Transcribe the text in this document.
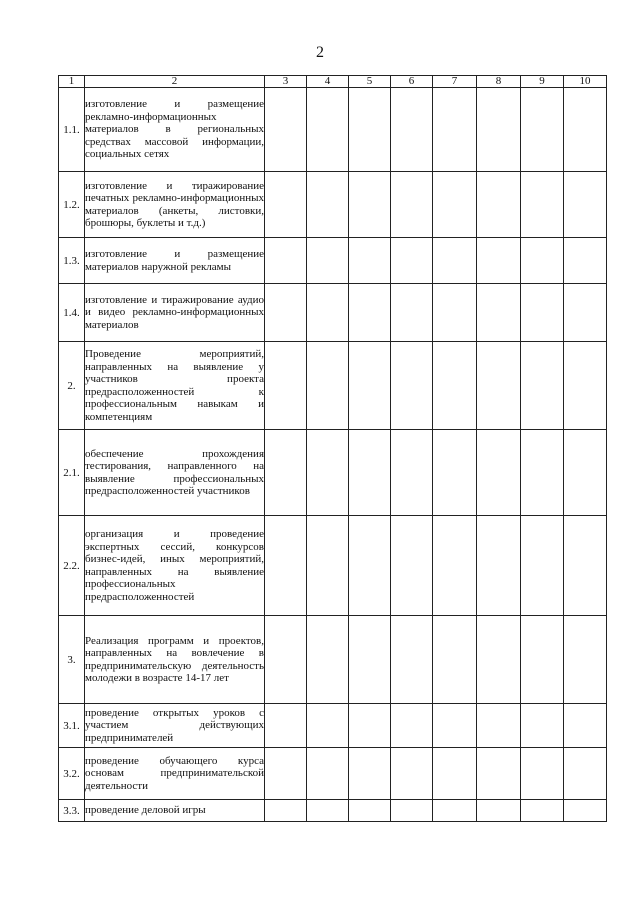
2
1	2	3	4	5	6	7	8	9	10
1.1.	изготовление и размещение рекламно-информационных материалов в региональных средствах массовой информации, социальных сетях								
1.2.	изготовление и тиражирование печатных рекламно-информационных материалов (анкеты, листовки, брошюры, буклеты и т.д.)								
1.3.	изготовление и размещение материалов наружной рекламы								
1.4.	изготовление и тиражирование аудио и видео рекламно-информационных материалов								
2.	Проведение мероприятий, направленных на выявление у участников проекта предрасположенностей к профессиональным навыкам и компетенциям								
2.1.	обеспечение прохождения тестирования, направленного на выявление профессиональных предрасположенностей участников								
2.2.	организация и проведение экспертных сессий, конкурсов бизнес-идей, иных мероприятий, направленных на выявление профессиональных предрасположенностей								
3.	Реализация программ и проектов, направленных на вовлечение в предпринимательскую деятельность молодежи в возрасте 14-17 лет								
3.1.	проведение открытых уроков с участием действующих предпринимателей								
3.2.	проведение обучающего курса основам предпринимательской деятельности								
3.3.	проведение деловой игры								
